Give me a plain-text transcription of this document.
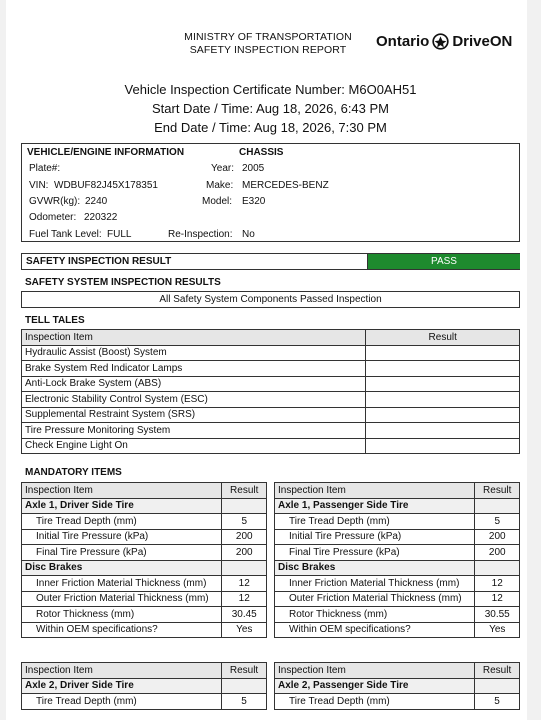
MINISTRY OF TRANSPORTATION
SAFETY INSPECTION REPORT	Ontario DriveON
Vehicle Inspection Certificate Number: M6O0AH51
Start Date / Time: Aug 18, 2026, 6:43 PM
End Date / Time: Aug 18, 2026, 7:30 PM
VEHICLE/ENGINE INFORMATION	CHASSIS
Plate#:
VIN: WDBUF82J45X178351
GVWR(kg): 2240
Odometer: 220322
Fuel Tank Level: FULL
Year: 2005
Make: MERCEDES-BENZ
Model: E320
Re-Inspection: No
SAFETY INSPECTION RESULT	PASS
SAFETY SYSTEM INSPECTION RESULTS
All Safety System Components Passed Inspection
TELL TALES
Inspection Item	Result
Hydraulic Assist (Boost) System	
Brake System Red Indicator Lamps	
Anti-Lock Brake System (ABS)	
Electronic Stability Control System (ESC)	
Supplemental Restraint System (SRS)	
Tire Pressure Monitoring System	
Check Engine Light On	
MANDATORY ITEMS
Inspection Item	Result
Axle 1, Driver Side Tire	
Tire Tread Depth (mm)	5
Initial Tire Pressure (kPa)	200
Final Tire Pressure (kPa)	200
Disc Brakes	
Inner Friction Material Thickness (mm)	12
Outer Friction Material Thickness (mm)	12
Rotor Thickness (mm)	30.45
Within OEM specifications?	Yes
Inspection Item	Result
Axle 1, Passenger Side Tire	
Tire Tread Depth (mm)	5
Initial Tire Pressure (kPa)	200
Final Tire Pressure (kPa)	200
Disc Brakes	
Inner Friction Material Thickness (mm)	12
Outer Friction Material Thickness (mm)	12
Rotor Thickness (mm)	30.55
Within OEM specifications?	Yes
Inspection Item	Result
Axle 2, Driver Side Tire	
Tire Tread Depth (mm)	5
Inspection Item	Result
Axle 2, Passenger Side Tire	
Tire Tread Depth (mm)	5
